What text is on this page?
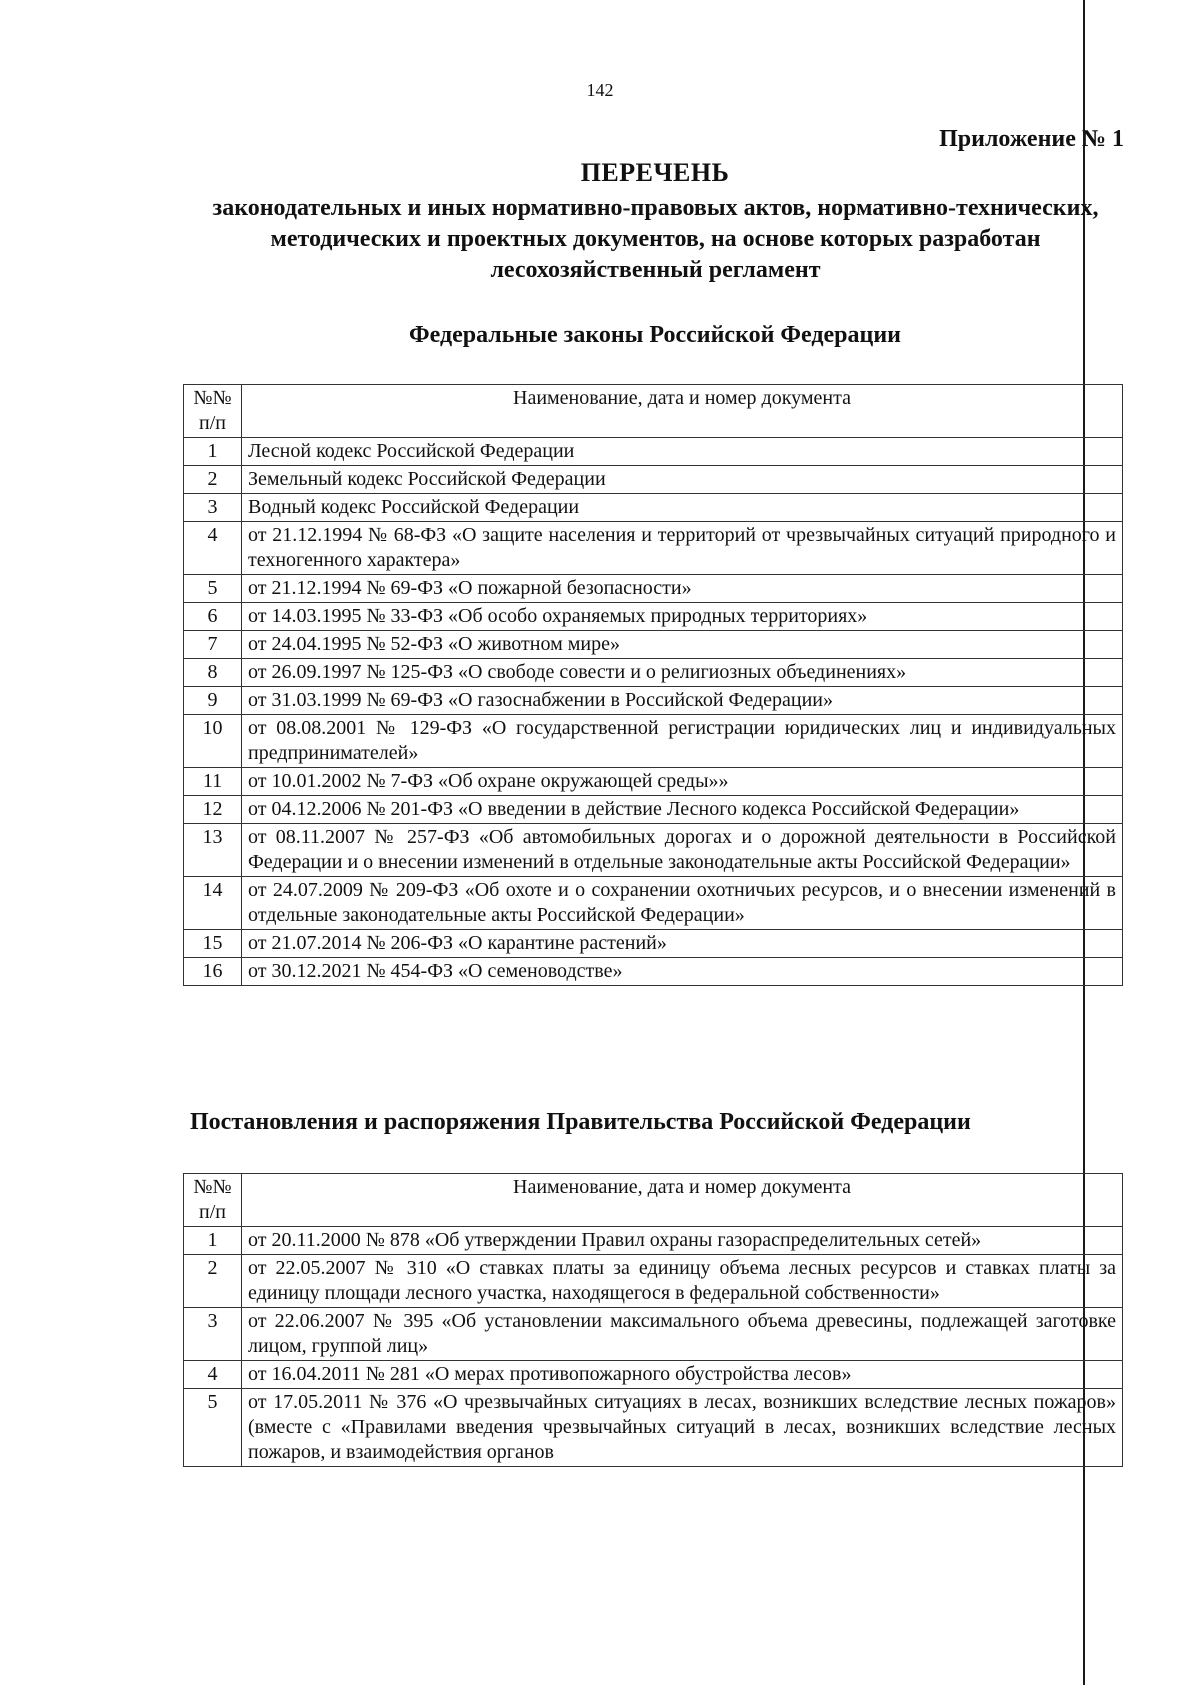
142
Приложение № 1
ПЕРЕЧЕНЬ
законодательных и иных нормативно-правовых актов, нормативно-технических, методических и проектных документов, на основе которых разработан лесохозяйственный регламент
Федеральные законы Российской Федерации
№№ п/п	Наименование, дата и номер документа
1	Лесной кодекс Российской Федерации
2	Земельный кодекс Российской Федерации
3	Водный кодекс Российской Федерации
4	от 21.12.1994 № 68-ФЗ «О защите населения и территорий от чрезвычайных ситуаций природного и техногенного характера»
5	от 21.12.1994 № 69-ФЗ «О пожарной безопасности»
6	от 14.03.1995 № 33-ФЗ «Об особо охраняемых природных территориях»
7	от 24.04.1995 № 52-ФЗ «О животном мире»
8	от 26.09.1997 № 125-ФЗ «О свободе совести и о религиозных объединениях»
9	от 31.03.1999 № 69-ФЗ «О газоснабжении в Российской Федерации»
10	от 08.08.2001 № 129-ФЗ «О государственной регистрации юридических лиц и индивидуальных предпринимателей»
11	от 10.01.2002 № 7-ФЗ «Об охране окружающей среды»»
12	от 04.12.2006 № 201-ФЗ «О введении в действие Лесного кодекса Российской Федерации»
13	от 08.11.2007 № 257-ФЗ «Об автомобильных дорогах и о дорожной деятельности в Российской Федерации и о внесении изменений в отдельные законодательные акты Российской Федерации»
14	от 24.07.2009 № 209-ФЗ «Об охоте и о сохранении охотничьих ресурсов, и о внесении изменений в отдельные законодательные акты Российской Федерации»
15	от 21.07.2014 № 206-ФЗ «О карантине растений»
16	от 30.12.2021 № 454-ФЗ «О семеноводстве»
Постановления и распоряжения Правительства Российской Федерации
№№ п/п	Наименование, дата и номер документа
1	от 20.11.2000 № 878 «Об утверждении Правил охраны газораспределительных сетей»
2	от 22.05.2007 № 310 «О ставках платы за единицу объема лесных ресурсов и ставках платы за единицу площади лесного участка, находящегося в федеральной собственности»
3	от 22.06.2007 № 395 «Об установлении максимального объема древесины, подлежащей заготовке лицом, группой лиц»
4	от 16.04.2011 № 281 «О мерах противопожарного обустройства лесов»
5	от 17.05.2011 № 376 «О чрезвычайных ситуациях в лесах, возникших вследствие лесных пожаров» (вместе с «Правилами введения чрезвычайных ситуаций в лесах, возникших вследствие лесных пожаров, и взаимодействия органов
